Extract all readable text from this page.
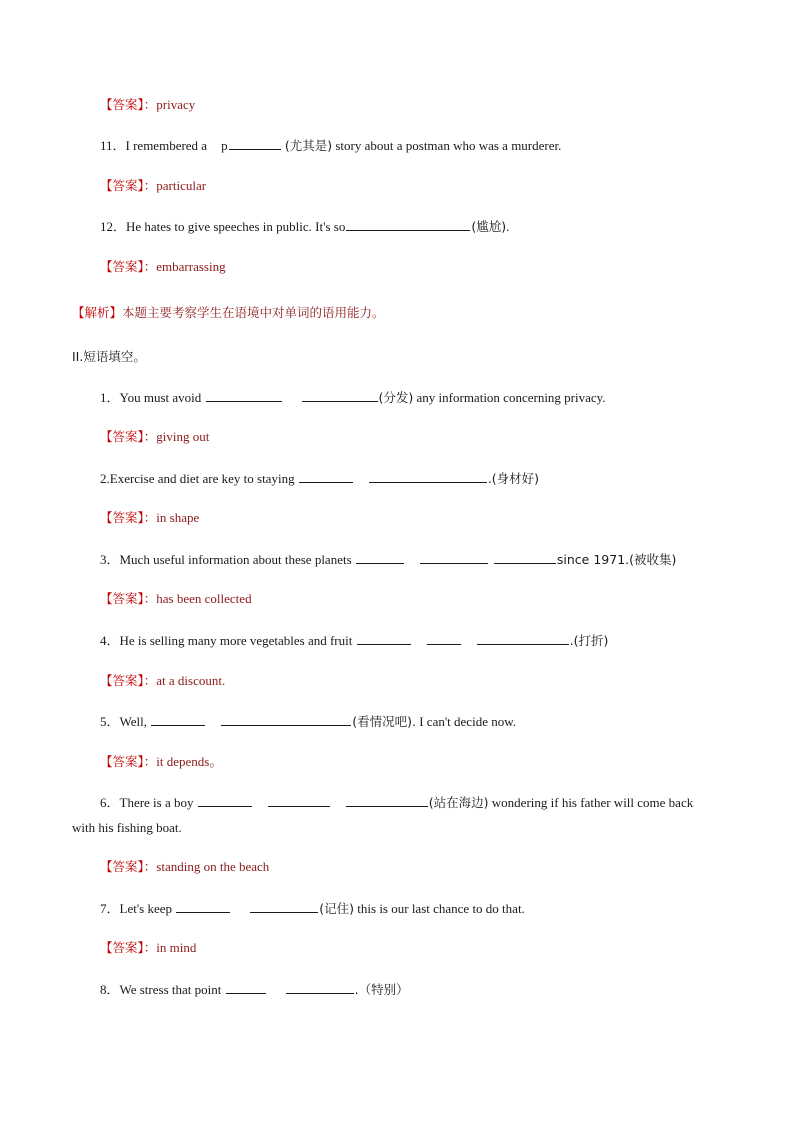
【答案】：privacy
11．I remembered a p	(尤其是) story about a postman who was a murderer.
【答案】：particular
12．He hates to give speeches in public. It's so	(尴尬).
【答案】：embarrassing
【解析】本题主要考察学生在语境中对单词的语用能力。
II.短语填空。
1．You must avoid	(分发) any information concerning privacy.
【答案】：giving out
2.Exercise and diet are key to staying	.(身材好)
【答案】：in shape
3．Much useful information about these planets	since 1971.(被收集)
【答案】：has been collected
4．He is selling many more vegetables and fruit	.(打折)
【答案】：at a discount.
5．Well,	(看情况吧). I can't decide now.
【答案】：it depends。
6．There is a boy	(站在海边) wondering if his father will come back
with his fishing boat.
【答案】：standing on the beach
7．Let's keep	(记住) this is our last chance to do that.
【答案】：in mind
8．We stress that point	.（特别）
